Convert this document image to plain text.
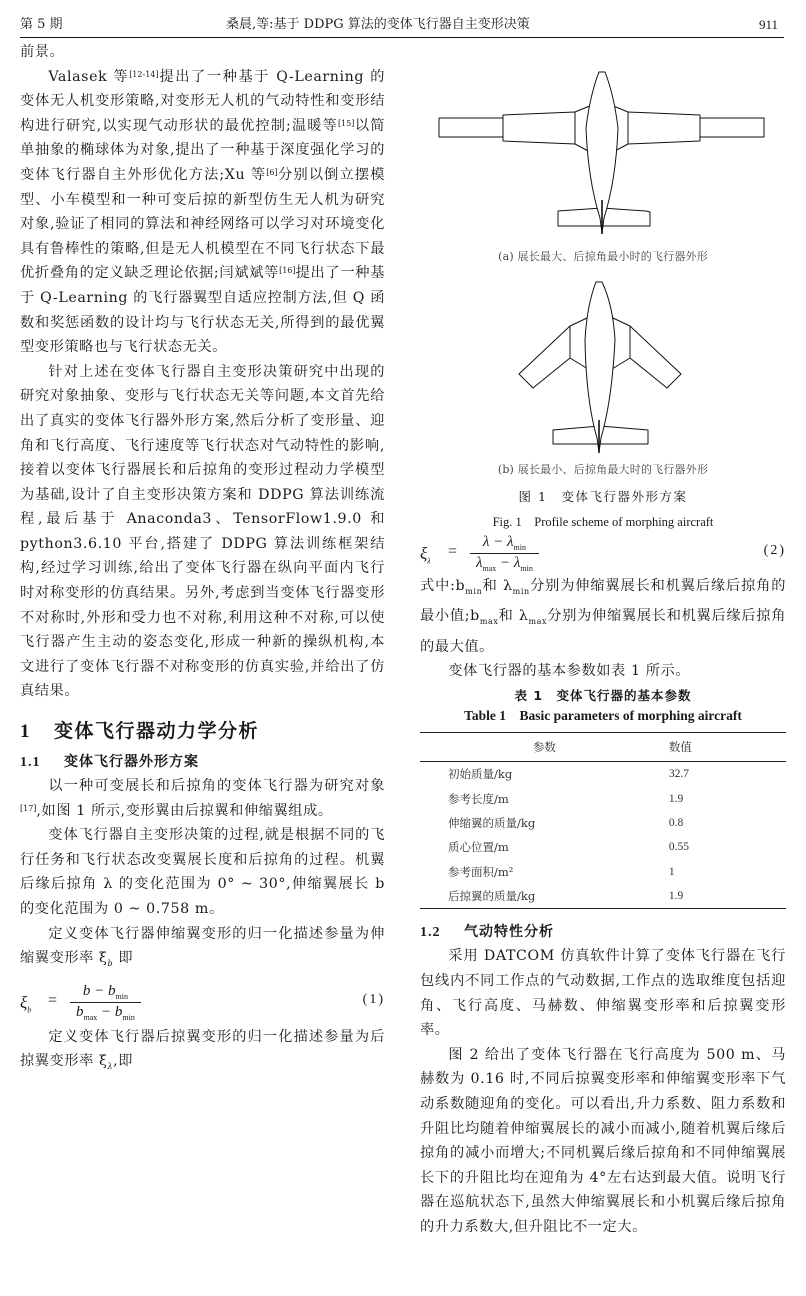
第 5 期	桑晨,等:基于 DDPG 算法的变体飞行器自主变形决策	911

前景。

Valasek 等[12-14]提出了一种基于 Q-Learning 的变体无人机变形策略,对变形无人机的气动特性和变形结构进行研究,以实现气动形状的最优控制;温暖等[15]以简单抽象的椭球体为对象,提出了一种基于深度强化学习的变体飞行器自主外形优化方法;Xu 等[6]分别以倒立摆模型、小车模型和一种可变后掠的新型仿生无人机为研究对象,验证了相同的算法和神经网络可以学习对环境变化具有鲁棒性的策略,但是无人机模型在不同飞行状态下最优折叠角的定义缺乏理论依据;闫斌斌等[16]提出了一种基于 Q-Learning 的飞行器翼型自适应控制方法,但 Q 函数和奖惩函数的设计均与飞行状态无关,所得到的最优翼型变形策略也与飞行状态无关。

针对上述在变体飞行器自主变形决策研究中出现的研究对象抽象、变形与飞行状态无关等问题,本文首先给出了真实的变体飞行器外形方案,然后分析了变形量、迎角和飞行高度、飞行速度等飞行状态对气动特性的影响,接着以变体飞行器展长和后掠角的变形过程动力学模型为基础,设计了自主变形决策方案和 DDPG 算法训练流程,最后基于 Anaconda3、TensorFlow1.9.0 和 python3.6.10 平台,搭建了 DDPG 算法训练框架结构,经过学习训练,给出了变体飞行器在纵向平面内飞行时对称变形的仿真结果。另外,考虑到当变体飞行器变形不对称时,外形和受力也不对称,利用这种不对称,可以使飞行器产生主动的姿态变化,形成一种新的操纵机构,本文进行了变体飞行器不对称变形的仿真实验,并给出了仿真结果。

1 变体飞行器动力学分析
1.1 变体飞行器外形方案

以一种可变展长和后掠角的变体飞行器为研究对象[17],如图 1 所示,变形翼由后掠翼和伸缩翼组成。

变体飞行器自主变形决策的过程,就是根据不同的飞行任务和飞行状态改变翼展长度和后掠角的过程。机翼后缘后掠角 λ 的变化范围为 0° ~ 30°,伸缩翼展长 b 的变化范围为 0 ~ 0.758 m。

定义变体飞行器伸缩翼变形的归一化描述参量为伸缩翼变形率 $\xi_b$ 即

$\xi_b$
=
$b - b_{min}$
$b_{max} - b_{min}$
(1)

定义变体飞行器后掠翼变形的归一化描述参量为后掠翼变形率 $\xi_\lambda$,即

(a) 展长最大、后掠角最小时的飞行器外形
(b) 展长最小、后掠角最大时的飞行器外形
图 1　变体飞行器外形方案
Fig. 1　Profile scheme of morphing aircraft
$\xi_\lambda$
=
$\lambda - \lambda_{min}$
$\lambda_{max} - \lambda_{min}$
(2)

式中$:b_{min}$和 $\lambda_{min}$分别为伸缩翼展长和机翼后缘后掠角的最小值$;b_{max}$和 $\lambda_{max}$分别为伸缩翼展长和机翼后缘后掠角的最大值。

变体飞行器的基本参数如表 1 所示。

表 1　变体飞行器的基本参数
Table 1　Basic parameters of morphing aircraft
参数	数值
初始质量/kg	32.7
参考长度/m	1.9
伸缩翼的质量/kg	0.8
质心位置/m	0.55
参考面积/m²	1
后掠翼的质量/kg	1.9
1.2 气动特性分析

采用 DATCOM 仿真软件计算了变体飞行器在飞行包线内不同工作点的气动数据,工作点的选取维度包括迎角、飞行高度、马赫数、伸缩翼变形率和后掠翼变形率。

图 2 给出了变体飞行器在飞行高度为 500 m、马赫数为 0.16 时,不同后掠翼变形率和伸缩翼变形率下气动系数随迎角的变化。可以看出,升力系数、阻力系数和升阻比均随着伸缩翼展长的减小而减小,随着机翼后缘后掠角的减小而增大;不同机翼后缘后掠角和不同伸缩翼展长下的升阻比均在迎角为 4°左右达到最大值。说明飞行器在巡航状态下,虽然大伸缩翼展长和小机翼后缘后掠角的升力系数大,但升阻比不一定大。
